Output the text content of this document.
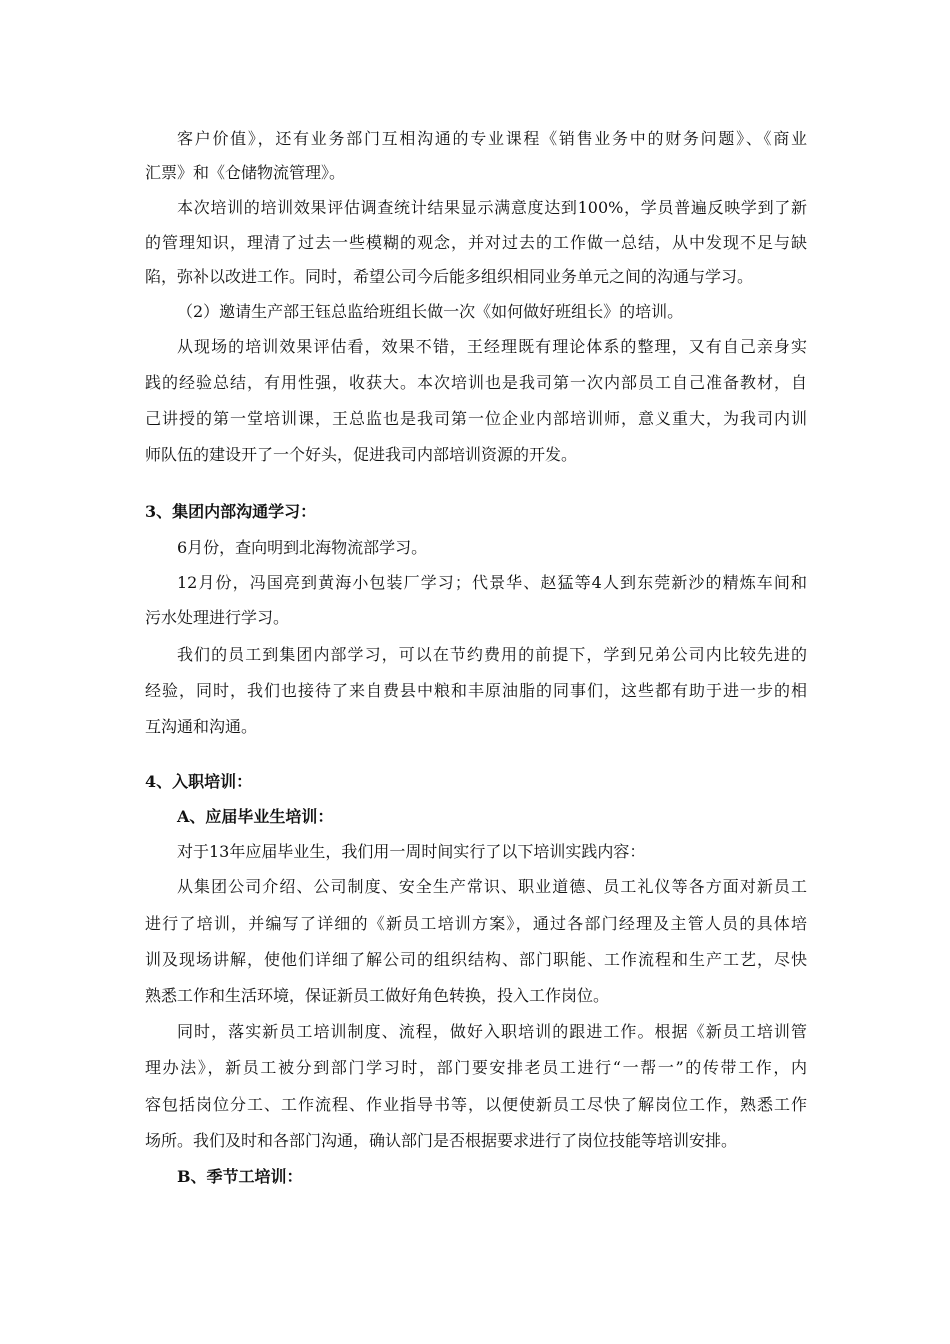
客户价值》，还有业务部门互相沟通的专业课程《销售业务中的财务问题》、《商业
汇票》和《仓储物流管理》。
本次培训的培训效果评估调查统计结果显示满意度达到100%，学员普遍反映学到了新
的管理知识，理清了过去一些模糊的观念，并对过去的工作做一总结，从中发现不足与缺
陷，弥补以改进工作。同时，希望公司今后能多组织相同业务单元之间的沟通与学习。
（2）邀请生产部王钰总监给班组长做一次《如何做好班组长》的培训。
从现场的培训效果评估看，效果不错，王经理既有理论体系的整理，又有自己亲身实
践的经验总结，有用性强，收获大。本次培训也是我司第一次内部员工自己准备教材，自
己讲授的第一堂培训课，王总监也是我司第一位企业内部培训师，意义重大，为我司内训
师队伍的建设开了一个好头，促进我司内部培训资源的开发。
3、集团内部沟通学习：
6月份，查向明到北海物流部学习。
12月份，冯国亮到黄海小包装厂学习；代景华、赵猛等4人到东莞新沙的精炼车间和
污水处理进行学习。
我们的员工到集团内部学习，可以在节约费用的前提下，学到兄弟公司内比较先进的
经验，同时，我们也接待了来自费县中粮和丰原油脂的同事们，这些都有助于进一步的相
互沟通和沟通。
4、入职培训：
A、应届毕业生培训：
对于13年应届毕业生，我们用一周时间实行了以下培训实践内容：
从集团公司介绍、公司制度、安全生产常识、职业道德、员工礼仪等各方面对新员工
进行了培训，并编写了详细的《新员工培训方案》，通过各部门经理及主管人员的具体培
训及现场讲解，使他们详细了解公司的组织结构、部门职能、工作流程和生产工艺，尽快
熟悉工作和生活环境，保证新员工做好角色转换，投入工作岗位。
同时，落实新员工培训制度、流程，做好入职培训的跟进工作。根据《新员工培训管
理办法》，新员工被分到部门学习时，部门要安排老员工进行“一帮一”的传带工作，内
容包括岗位分工、工作流程、作业指导书等，以便使新员工尽快了解岗位工作，熟悉工作
场所。我们及时和各部门沟通，确认部门是否根据要求进行了岗位技能等培训安排。
B、季节工培训：
